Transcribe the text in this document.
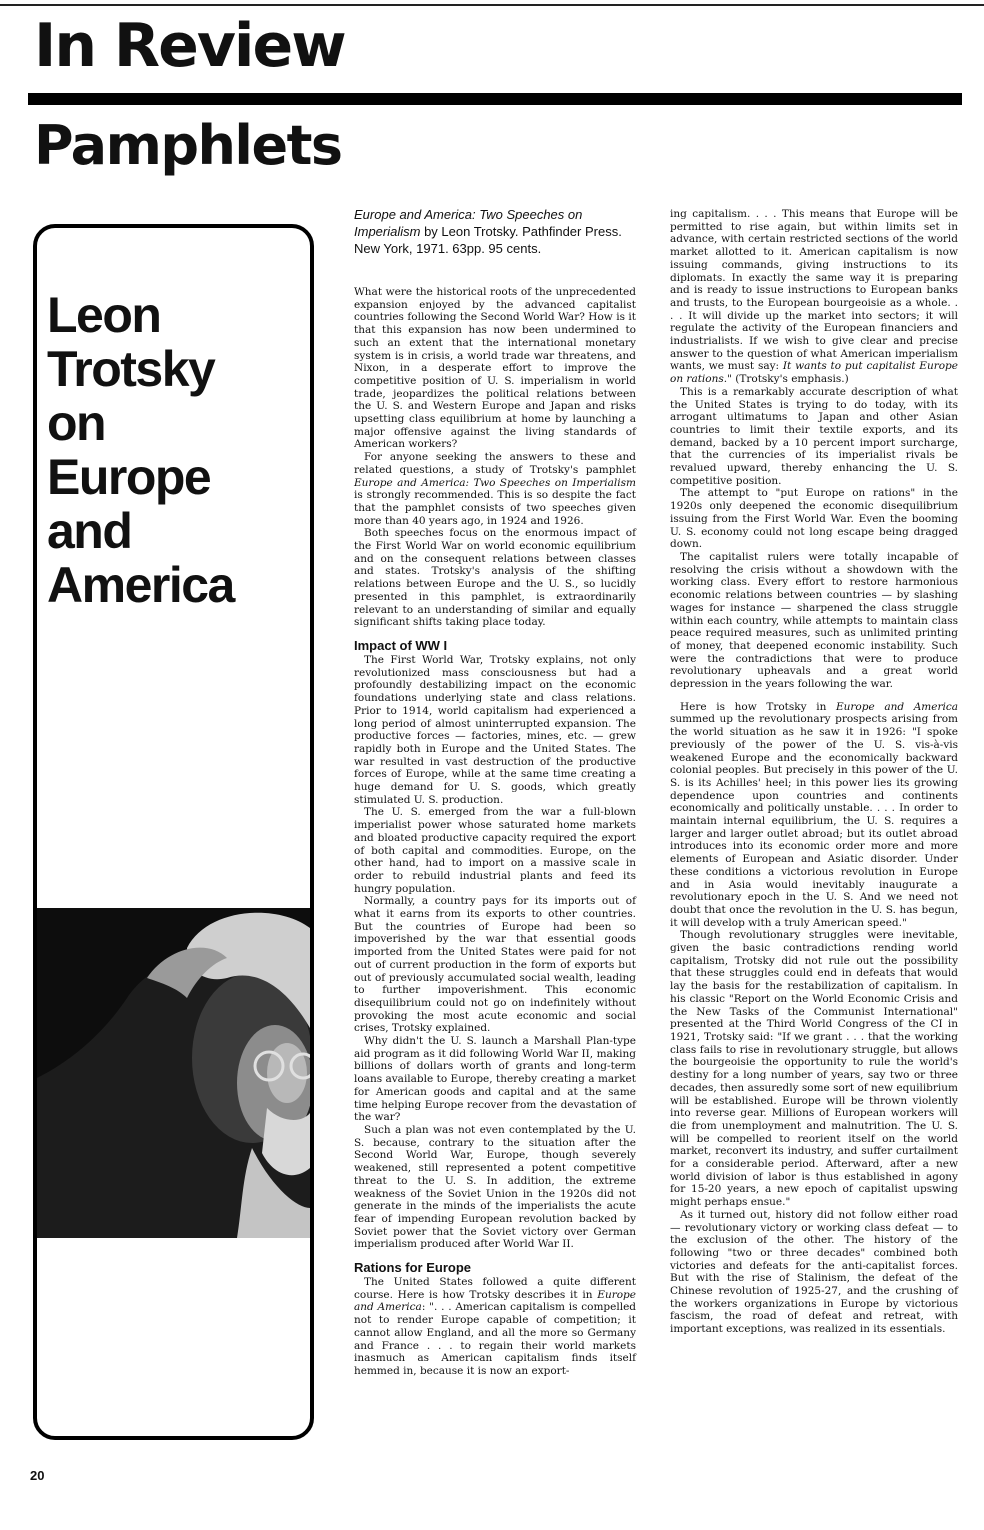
In Review
Pamphlets
Leon
Trotsky
on
Europe
and
America

Europe and America: Two Speeches on Imperialism by Leon Trotsky. Pathfinder Press. New York, 1971. 63pp. 95 cents.

What were the historical roots of the unprecedented expansion enjoyed by the advanced capitalist countries following the Second World War? How is it that this expansion has now been undermined to such an extent that the international monetary system is in crisis, a world trade war threatens, and Nixon, in a desperate effort to improve the competitive position of U. S. imperialism in world trade, jeopardizes the political relations between the U. S. and Western Europe and Japan and risks upsetting class equilibrium at home by launching a major offensive against the living standards of American workers?

For anyone seeking the answers to these and related questions, a study of Trotsky's pamphlet Europe and America: Two Speeches on Imperialism is strongly recommended. This is so despite the fact that the pamphlet consists of two speeches given more than 40 years ago, in 1924 and 1926.

Both speeches focus on the enormous impact of the First World War on world economic equilibrium and on the consequent relations between classes and states. Trotsky's analysis of the shifting relations between Europe and the U. S., so lucidly presented in this pamphlet, is extraordinarily relevant to an understanding of similar and equally significant shifts taking place today.

Impact of WW I

The First World War, Trotsky explains, not only revolutionized mass consciousness but had a profoundly destabilizing impact on the economic foundations underlying state and class relations. Prior to 1914, world capitalism had experienced a long period of almost uninterrupted expansion. The productive forces — factories, mines, etc. — grew rapidly both in Europe and the United States. The war resulted in vast destruction of the productive forces of Europe, while at the same time creating a huge demand for U. S. goods, which greatly stimulated U. S. production.

The U. S. emerged from the war a full-blown imperialist power whose saturated home markets and bloated productive capacity required the export of both capital and commodities. Europe, on the other hand, had to import on a massive scale in order to rebuild industrial plants and feed its hungry population.

Normally, a country pays for its imports out of what it earns from its exports to other countries. But the countries of Europe had been so impoverished by the war that essential goods imported from the United States were paid for not out of current production in the form of exports but out of previously accumulated social wealth, leading to further impoverishment. This economic disequilibrium could not go on indefinitely without provoking the most acute economic and social crises, Trotsky explained.

Why didn't the U. S. launch a Marshall Plan-type aid program as it did following World War II, making billions of dollars worth of grants and long-term loans available to Europe, thereby creating a market for American goods and capital and at the same time helping Europe recover from the devastation of the war?

Such a plan was not even contemplated by the U. S. because, contrary to the situation after the Second World War, Europe, though severely weakened, still represented a potent competitive threat to the U. S. In addition, the extreme weakness of the Soviet Union in the 1920s did not generate in the minds of the imperialists the acute fear of impending European revolution backed by Soviet power that the Soviet victory over German imperialism produced after World War II.

Rations for Europe

The United States followed a quite different course. Here is how Trotsky describes it in Europe and America: ". . . American capitalism is compelled not to render Europe capable of competition; it cannot allow England, and all the more so Germany and France . . . to regain their world markets inasmuch as American capitalism finds itself hemmed in, because it is now an export-

ing capitalism. . . . This means that Europe will be permitted to rise again, but within limits set in advance, with certain restricted sections of the world market allotted to it. American capitalism is now issuing commands, giving instructions to its diplomats. In exactly the same way it is preparing and is ready to issue instructions to European banks and trusts, to the European bourgeoisie as a whole. . . . It will divide up the market into sectors; it will regulate the activity of the European financiers and industrialists. If we wish to give clear and precise answer to the question of what American imperialism wants, we must say: It wants to put capitalist Europe on rations." (Trotsky's emphasis.)

This is a remarkably accurate description of what the United States is trying to do today, with its arrogant ultimatums to Japan and other Asian countries to limit their textile exports, and its demand, backed by a 10 percent import surcharge, that the currencies of its imperialist rivals be revalued upward, thereby enhancing the U. S. competitive position.

The attempt to "put Europe on rations" in the 1920s only deepened the economic disequilibrium issuing from the First World War. Even the booming U. S. economy could not long escape being dragged down.

The capitalist rulers were totally incapable of resolving the crisis without a showdown with the working class. Every effort to restore harmonious economic relations between countries — by slashing wages for instance — sharpened the class struggle within each country, while attempts to maintain class peace required measures, such as unlimited printing of money, that deepened economic instability. Such were the contradictions that were to produce revolutionary upheavals and a great world depression in the years following the war.

Here is how Trotsky in Europe and America summed up the revolutionary prospects arising from the world situation as he saw it in 1926: "I spoke previously of the power of the U. S. vis-à-vis weakened Europe and the economically backward colonial peoples. But precisely in this power of the U. S. is its Achilles' heel; in this power lies its growing dependence upon countries and continents economically and politically unstable. . . . In order to maintain internal equilibrium, the U. S. requires a larger and larger outlet abroad; but its outlet abroad introduces into its economic order more and more elements of European and Asiatic disorder. Under these conditions a victorious revolution in Europe and in Asia would inevitably inaugurate a revolutionary epoch in the U. S. And we need not doubt that once the revolution in the U. S. has begun, it will develop with a truly American speed."

Though revolutionary struggles were inevitable, given the basic contradictions rending world capitalism, Trotsky did not rule out the possibility that these struggles could end in defeats that would lay the basis for the restabilization of capitalism. In his classic "Report on the World Economic Crisis and the New Tasks of the Communist International" presented at the Third World Congress of the CI in 1921, Trotsky said: "If we grant . . . that the working class fails to rise in revolutionary struggle, but allows the bourgeoisie the opportunity to rule the world's destiny for a long number of years, say two or three decades, then assuredly some sort of new equilibrium will be established. Europe will be thrown violently into reverse gear. Millions of European workers will die from unemployment and malnutrition. The U. S. will be compelled to reorient itself on the world market, reconvert its industry, and suffer curtailment for a considerable period. Afterward, after a new world division of labor is thus established in agony for 15-20 years, a new epoch of capitalist upswing might perhaps ensue."

As it turned out, history did not follow either road — revolutionary victory or working class defeat — to the exclusion of the other. The history of the following "two or three decades" combined both victories and defeats for the anti-capitalist forces. But with the rise of Stalinism, the defeat of the Chinese revolution of 1925-27, and the crushing of the workers organizations in Europe by victorious fascism, the road of defeat and retreat, with important exceptions, was realized in its essentials.

20
